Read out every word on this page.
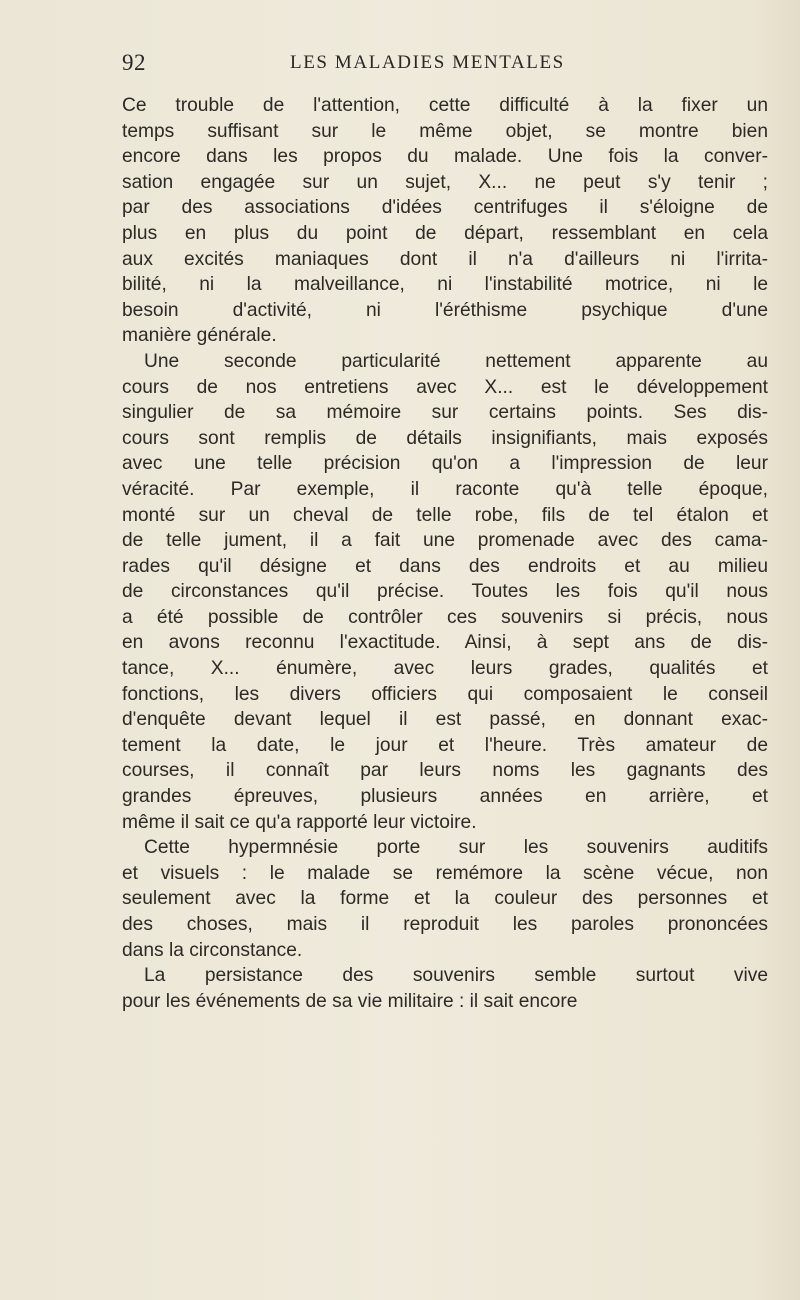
92	LES MALADIES MENTALES
Ce trouble de l'attention, cette difficulté à la fixer un
temps suffisant sur le même objet, se montre bien
encore dans les propos du malade. Une fois la conver-
sation engagée sur un sujet, X... ne peut s'y tenir ;
par des associations d'idées centrifuges il s'éloigne de
plus en plus du point de départ, ressemblant en cela
aux excités maniaques dont il n'a d'ailleurs ni l'irrita-
bilité, ni la malveillance, ni l'instabilité motrice, ni le
besoin d'activité, ni l'éréthisme psychique d'une
manière générale.
Une seconde particularité nettement apparente au
cours de nos entretiens avec X... est le développement
singulier de sa mémoire sur certains points. Ses dis-
cours sont remplis de détails insignifiants, mais exposés
avec une telle précision qu'on a l'impression de leur
véracité. Par exemple, il raconte qu'à telle époque,
monté sur un cheval de telle robe, fils de tel étalon et
de telle jument, il a fait une promenade avec des cama-
rades qu'il désigne et dans des endroits et au milieu
de circonstances qu'il précise. Toutes les fois qu'il nous
a été possible de contrôler ces souvenirs si précis, nous
en avons reconnu l'exactitude. Ainsi, à sept ans de dis-
tance, X... énumère, avec leurs grades, qualités et
fonctions, les divers officiers qui composaient le conseil
d'enquête devant lequel il est passé, en donnant exac-
tement la date, le jour et l'heure. Très amateur de
courses, il connaît par leurs noms les gagnants des
grandes épreuves, plusieurs années en arrière, et
même il sait ce qu'a rapporté leur victoire.
Cette hypermnésie porte sur les souvenirs auditifs
et visuels : le malade se remémore la scène vécue, non
seulement avec la forme et la couleur des personnes et
des choses, mais il reproduit les paroles prononcées
dans la circonstance.
La persistance des souvenirs semble surtout vive
pour les événements de sa vie militaire : il sait encore
